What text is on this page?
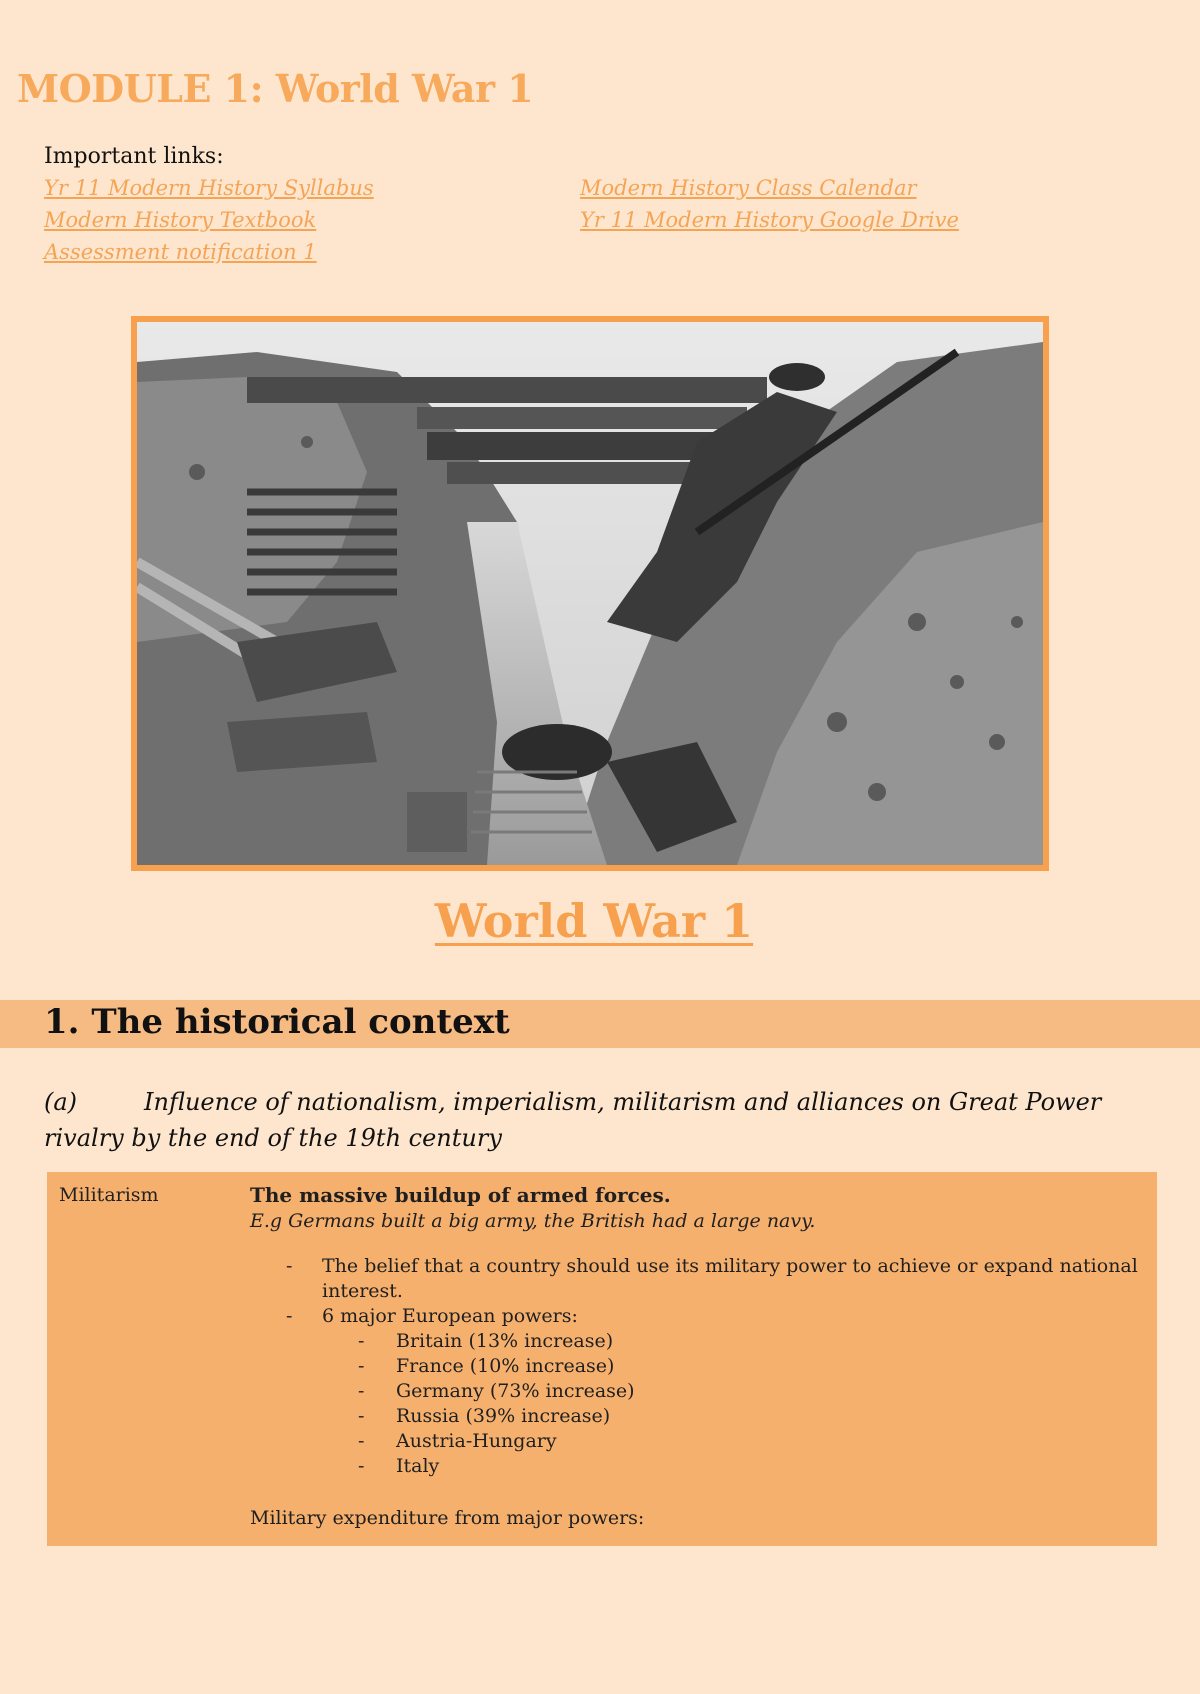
MODULE 1: World War 1
Important links:
Yr 11 Modern History Syllabus
Modern History Textbook
Assessment notification 1
Modern History Class Calendar
Yr 11 Modern History Google Drive
World War 1
1. The historical context

(a)	Influence of nationalism, imperialism, militarism and alliances on Great Power rivalry by the end of the 19th century

Militarism	The massive buildup of armed forces.

E.g Germans built a big army, the British had a large navy.

- The belief that a country should use its military power to achieve or expand national interest.
- 6 major European powers:
- Britain (13% increase)
- France (10% increase)
- Germany (73% increase)
- Russia (39% increase)
- Austria-Hungary
- Italy

Military expenditure from major powers:
